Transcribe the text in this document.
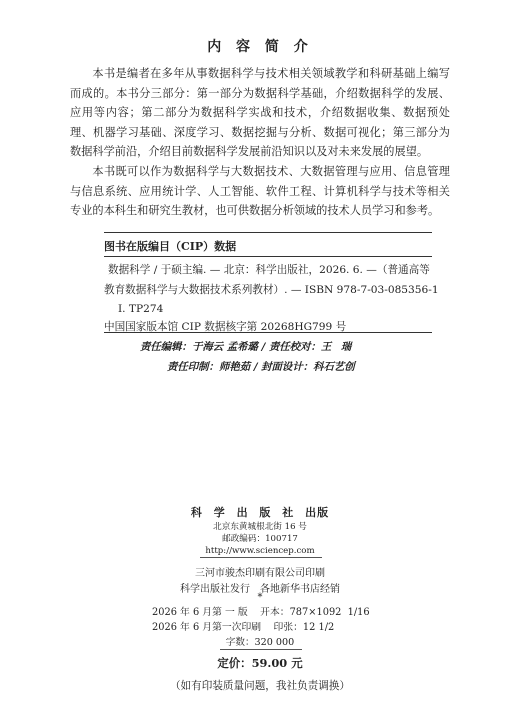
内 容 简 介
本书是编者在多年从事数据科学与技术相关领域教学和科研基础上编写而成的。本书分三部分：第一部分为数据科学基础，介绍数据科学的发展、应用等内容；第二部分为数据科学实战和技术，介绍数据收集、数据预处理、机器学习基础、深度学习、数据挖掘与分析、数据可视化；第三部分为数据科学前沿，介绍目前数据科学发展前沿知识以及对未来发展的展望。
本书既可以作为数据科学与大数据技术、大数据管理与应用、信息管理与信息系统、应用统计学、人工智能、软件工程、计算机科学与技术等相关专业的本科生和研究生教材，也可供数据分析领域的技术人员学习和参考。
图书在版编目（CIP）数据
数据科学 / 于硕主编. — 北京：科学出版社，2026. 6. —（普通高等
教育数据科学与大数据技术系列教材）. — ISBN 978-7-03-085356-1
Ⅰ. TP274
中国国家版本馆 CIP 数据核字第 20268HG799 号
责任编辑：于海云 孟希璐 / 责任校对：王 瑞
责任印制：师艳茹 / 封面设计：科石艺创
科 学 出 版 社 出版
北京东黄城根北街 16 号
邮政编码：100717
http://www.sciencep.com
三河市骏杰印刷有限公司印刷
科学出版社发行 各地新华书店经销
*
2026 年 6 月第 一 版    开本：787×1092  1/16
2026 年 6 月第一次印刷    印张：12 1/2
字数：320 000
定价：59.00 元
（如有印装质量问题，我社负责调换）
